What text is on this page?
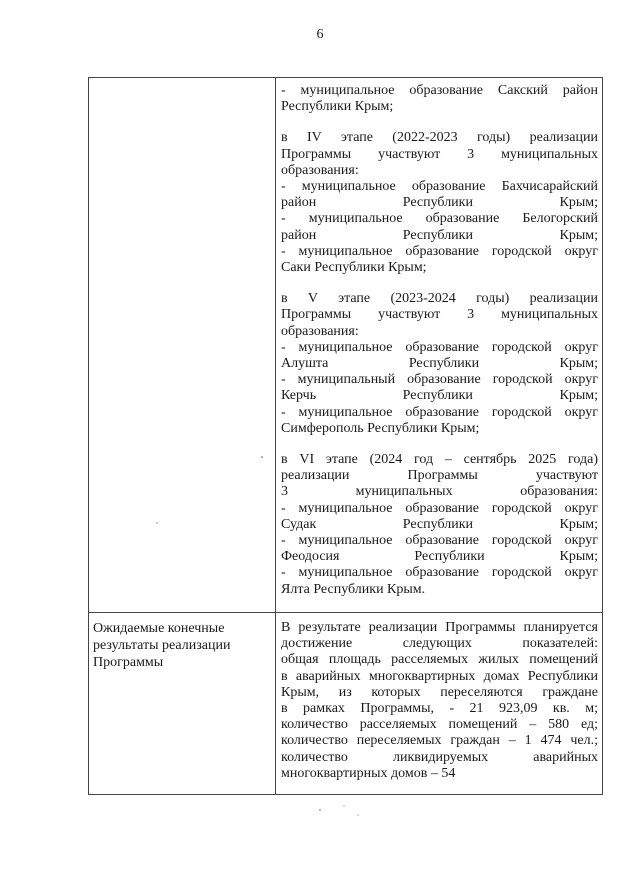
6
- муниципальное образование Сакский район
Республики Крым;
в IV этапе (2022-2023 годы) реализации
Программы участвуют 3 муниципальных
образования:
- муниципальное образование Бахчисарайский
район Республики Крым;
- муниципальное образование Белогорский
район Республики Крым;
- муниципальное образование городской округ
Саки Республики Крым;
в V этапе (2023-2024 годы) реализации
Программы участвуют 3 муниципальных
образования:
- муниципальное образование городской округ
Алушта Республики Крым;
- муниципальный образование городской округ
Керчь Республики Крым;
- муниципальное образование городской округ
Симферополь Республики Крым;
в VI этапе (2024 год – сентябрь 2025 года)
реализации Программы участвуют
3 муниципальных образования:
- муниципальное образование городской округ
Судак Республики Крым;
- муниципальное образование городской округ
Феодосия Республики Крым;
- муниципальное образование городской округ
Ялта Республики Крым.
Ожидаемые конечные результаты реализации Программы
В результате реализации Программы планируется
достижение следующих показателей:
общая площадь расселяемых жилых помещений
в аварийных многоквартирных домах Республики
Крым, из которых переселяются граждане
в рамках Программы, - 21 923,09 кв. м;
количество расселяемых помещений – 580 ед;
количество переселяемых граждан – 1 474 чел.;
количество ликвидируемых аварийных
многоквартирных домов – 54
